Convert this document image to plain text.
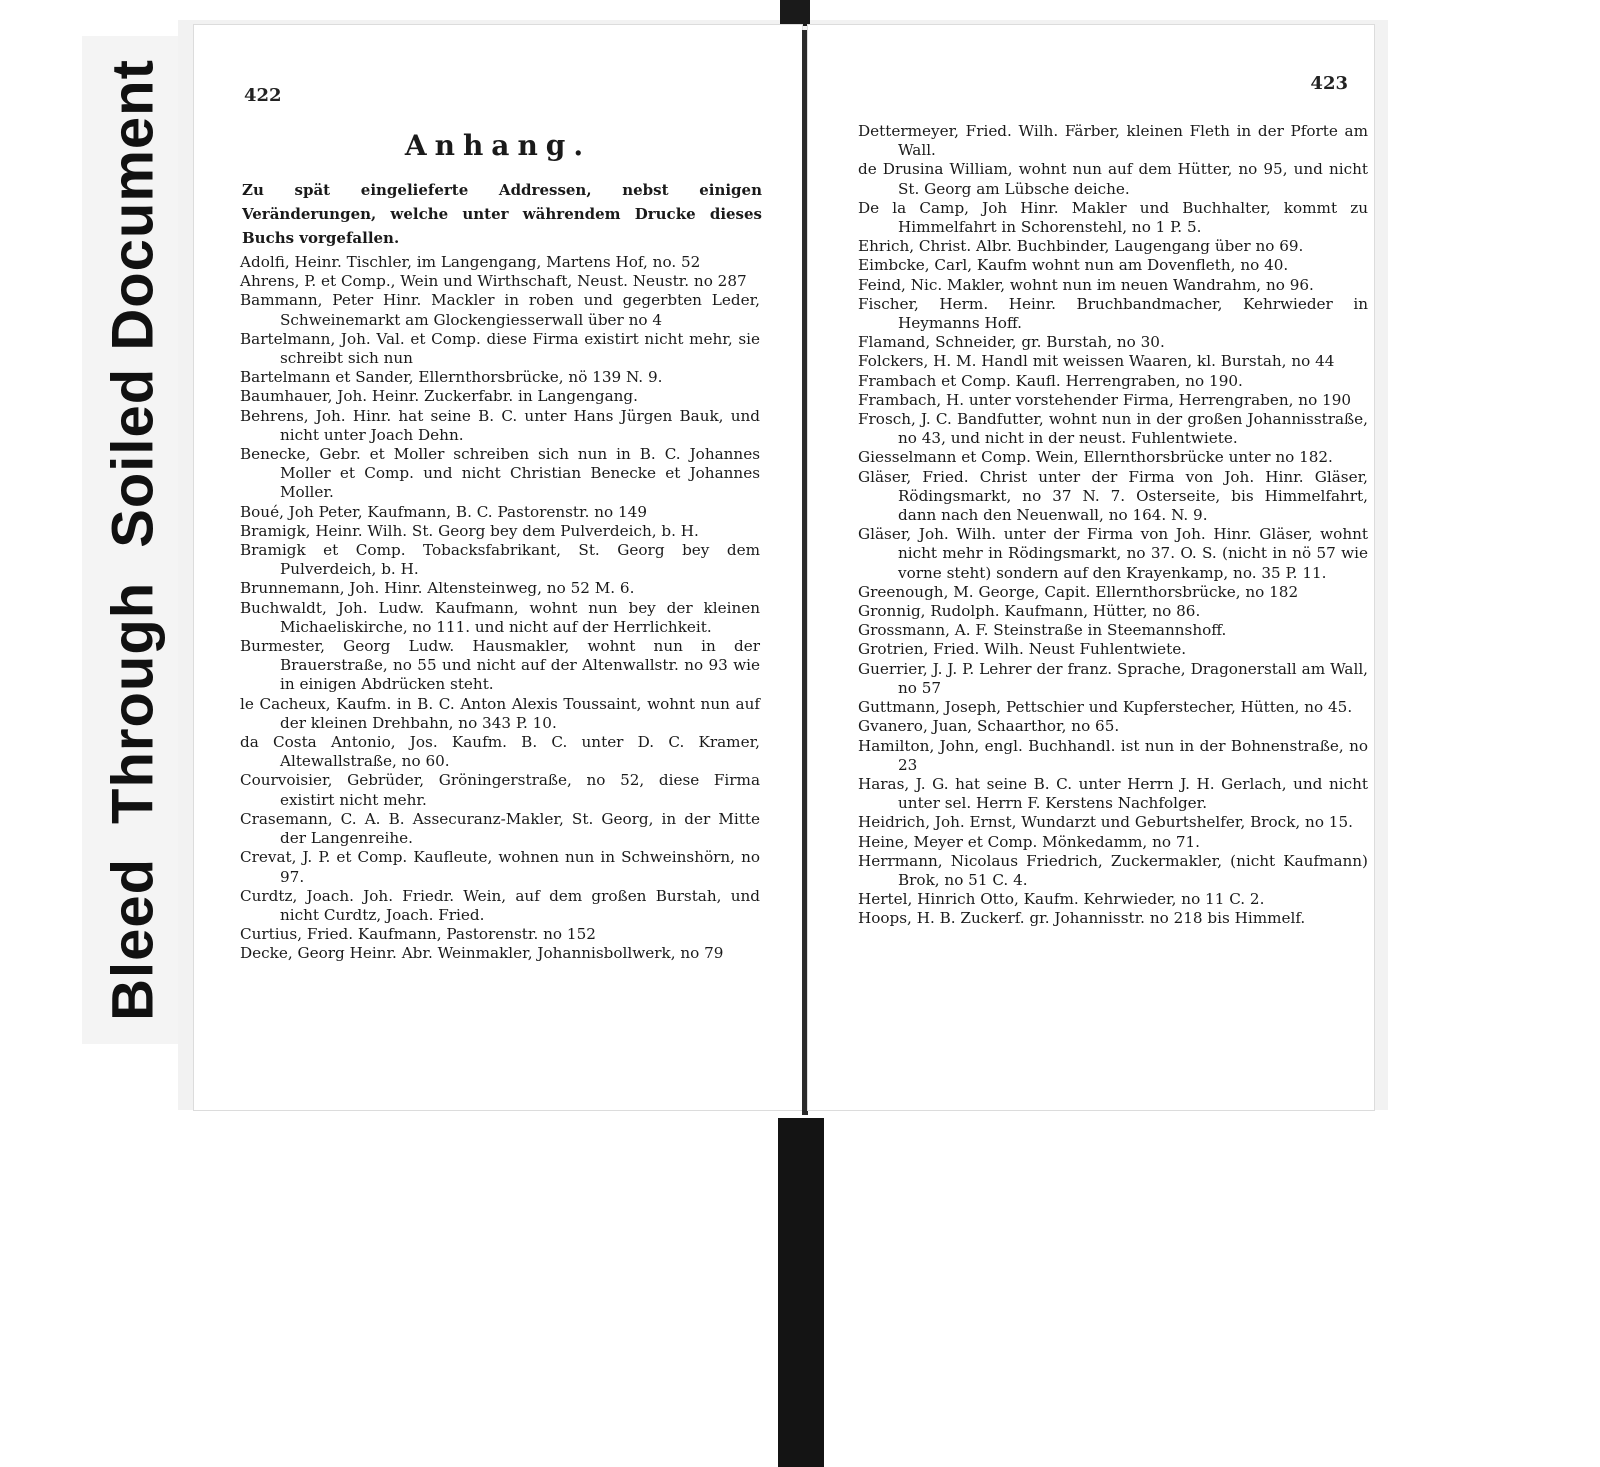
BleedThroughSoiled Document	422
Anhang.
Zu spät eingelieferte Addressen, nebst einigen Veränderungen, welche unter währendem Drucke dieses Buchs vorgefallen.
Adolfi, Heinr. Tischler, im Langengang, Martens Hof, no. 52
Ahrens, P. et Comp., Wein und Wirthschaft, Neust. Neustr. no 287
Bammann, Peter Hinr. Mackler in roben und gegerbten Leder, Schweinemarkt am Glockengiesserwall über no 4
Bartelmann, Joh. Val. et Comp. diese Firma existirt nicht mehr, sie schreibt sich nun
Bartelmann et Sander, Ellernthorsbrücke, nö 139 N. 9.
Baumhauer, Joh. Heinr. Zuckerfabr. in Langengang.
Behrens, Joh. Hinr. hat seine B. C. unter Hans Jürgen Bauk, und nicht unter Joach Dehn.
Benecke, Gebr. et Moller schreiben sich nun in B. C. Johannes Moller et Comp. und nicht Christian Benecke et Johannes Moller.
Boué, Joh Peter, Kaufmann, B. C. Pastorenstr. no 149
Bramigk, Heinr. Wilh. St. Georg bey dem Pulverdeich, b. H.
Bramigk et Comp. Tobacksfabrikant, St. Georg bey dem Pulverdeich, b. H.
Brunnemann, Joh. Hinr. Altensteinweg, no 52 M. 6.
Buchwaldt, Joh. Ludw. Kaufmann, wohnt nun bey der kleinen Michaeliskirche, no 111. und nicht auf der Herrlichkeit.
Burmester, Georg Ludw. Hausmakler, wohnt nun in der Brauerstraße, no 55 und nicht auf der Altenwallstr. no 93 wie in einigen Abdrücken steht.
le Cacheux, Kaufm. in B. C. Anton Alexis Toussaint, wohnt nun auf der kleinen Drehbahn, no 343 P. 10.
da Costa Antonio, Jos. Kaufm. B. C. unter D. C. Kramer, Altewallstraße, no 60.
Courvoisier, Gebrüder, Gröningerstraße, no 52, diese Firma existirt nicht mehr.
Crasemann, C. A. B. Assecuranz-Makler, St. Georg, in der Mitte der Langenreihe.
Crevat, J. P. et Comp. Kaufleute, wohnen nun in Schweinshörn, no 97.
Curdtz, Joach. Joh. Friedr. Wein, auf dem großen Burstah, und nicht Curdtz, Joach. Fried.
Curtius, Fried. Kaufmann, Pastorenstr. no 152
Decke, Georg Heinr. Abr. Weinmakler, Johannisbollwerk, no 79
423
Dettermeyer, Fried. Wilh. Färber, kleinen Fleth in der Pforte am Wall.
de Drusina William, wohnt nun auf dem Hütter, no 95, und nicht St. Georg am Lübsche deiche.
De la Camp, Joh Hinr. Makler und Buchhalter, kommt zu Himmelfahrt in Schorenstehl, no 1 P. 5.
Ehrich, Christ. Albr. Buchbinder, Laugengang über no 69.
Eimbcke, Carl, Kaufm wohnt nun am Dovenfleth, no 40.
Feind, Nic. Makler, wohnt nun im neuen Wandrahm, no 96.
Fischer, Herm. Heinr. Bruchbandmacher, Kehrwieder in Heymanns Hoff.
Flamand, Schneider, gr. Burstah, no 30.
Folckers, H. M. Handl mit weissen Waaren, kl. Burstah, no 44
Frambach et Comp. Kaufl. Herrengraben, no 190.
Frambach, H. unter vorstehender Firma, Herrengraben, no 190
Frosch, J. C. Bandfutter, wohnt nun in der großen Johannisstraße, no 43, und nicht in der neust. Fuhlentwiete.
Giesselmann et Comp. Wein, Ellernthorsbrücke unter no 182.
Gläser, Fried. Christ unter der Firma von Joh. Hinr. Gläser, Rödingsmarkt, no 37 N. 7. Osterseite, bis Himmelfahrt, dann nach den Neuenwall, no 164. N. 9.
Gläser, Joh. Wilh. unter der Firma von Joh. Hinr. Gläser, wohnt nicht mehr in Rödingsmarkt, no 37. O. S. (nicht in nö 57 wie vorne steht) sondern auf den Krayenkamp, no. 35 P. 11.
Greenough, M. George, Capit. Ellernthorsbrücke, no 182
Gronnig, Rudolph. Kaufmann, Hütter, no 86.
Grossmann, A. F. Steinstraße in Steemannshoff.
Grotrien, Fried. Wilh. Neust Fuhlentwiete.
Guerrier, J. J. P. Lehrer der franz. Sprache, Dragonerstall am Wall, no 57
Guttmann, Joseph, Pettschier und Kupferstecher, Hütten, no 45.
Gvanero, Juan, Schaarthor, no 65.
Hamilton, John, engl. Buchhandl. ist nun in der Bohnenstraße, no 23
Haras, J. G. hat seine B. C. unter Herrn J. H. Gerlach, und nicht unter sel. Herrn F. Kerstens Nachfolger.
Heidrich, Joh. Ernst, Wundarzt und Geburtshelfer, Brock, no 15.
Heine, Meyer et Comp. Mönkedamm, no 71.
Herrmann, Nicolaus Friedrich, Zuckermakler, (nicht Kaufmann) Brok, no 51 C. 4.
Hertel, Hinrich Otto, Kaufm. Kehrwieder, no 11 C. 2.
Hoops, H. B. Zuckerf. gr. Johannisstr. no 218 bis Himmelf.
